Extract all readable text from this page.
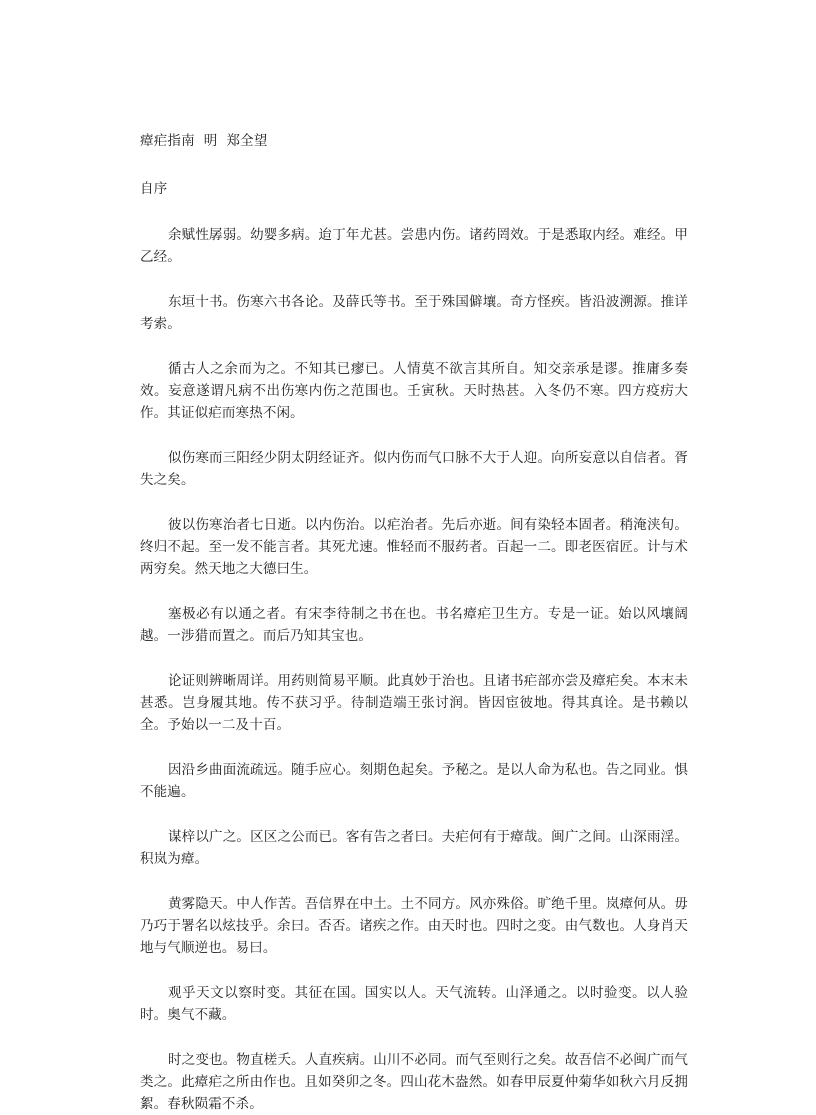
瘴疟指南  明  郑全望
自序
余赋性孱弱。幼婴多病。迨丁年尤甚。尝患内伤。诸药罔效。于是悉取内经。难经。甲乙经。
东垣十书。伤寒六书各论。及薛氏等书。至于殊国僻壤。奇方怪疾。皆沿波溯源。推详考索。
循古人之余而为之。不知其已瘳已。人情莫不欲言其所自。知交亲承是谬。推庸多奏效。妄意遂谓凡病不出伤寒内伤之范围也。壬寅秋。天时热甚。入冬仍不寒。四方疫疠大作。其证似疟而寒热不闲。
似伤寒而三阳经少阴太阴经证齐。似内伤而气口脉不大于人迎。向所妄意以自信者。胥失之矣。
彼以伤寒治者七日逝。以内伤治。以疟治者。先后亦逝。间有染轻本固者。稍淹浃旬。终归不起。至一发不能言者。其死尤速。惟轻而不服药者。百起一二。即老医宿匠。计与术两穷矣。然天地之大德曰生。
塞极必有以通之者。有宋李待制之书在也。书名瘴疟卫生方。专是一证。始以风壤阔越。一涉猎而置之。而后乃知其宝也。
论证则辨晰周详。用药则简易平顺。此真妙于治也。且诸书疟部亦尝及瘴疟矣。本末未甚悉。岂身履其地。传不获习乎。待制造端王张讨润。皆因宦彼地。得其真诠。是书赖以全。予始以一二及十百。
因沿乡曲面流疏远。随手应心。刻期色起矣。予秘之。是以人命为私也。告之同业。惧不能遍。
谋梓以广之。区区之公而已。客有告之者曰。夫疟何有于瘴哉。闽广之间。山深雨淫。积岚为瘴。
黄雾隐天。中人作苦。吾信界在中土。土不同方。风亦殊俗。旷绝千里。岚瘴何从。毋乃巧于署名以炫技乎。余曰。否否。诸疾之作。由天时也。四时之变。由气数也。人身肖天地与气顺逆也。易曰。
观乎天文以察时变。其征在国。国实以人。天气流转。山泽通之。以时验变。以人验时。奥气不藏。
时之变也。物直槎夭。人直疾病。山川不必同。而气至则行之矣。故吾信不必闽广而气类之。此瘴疟之所由作也。且如癸卯之冬。四山花木盎然。如春甲辰夏仲菊华如秋六月反拥絮。春秋陨霜不杀。
